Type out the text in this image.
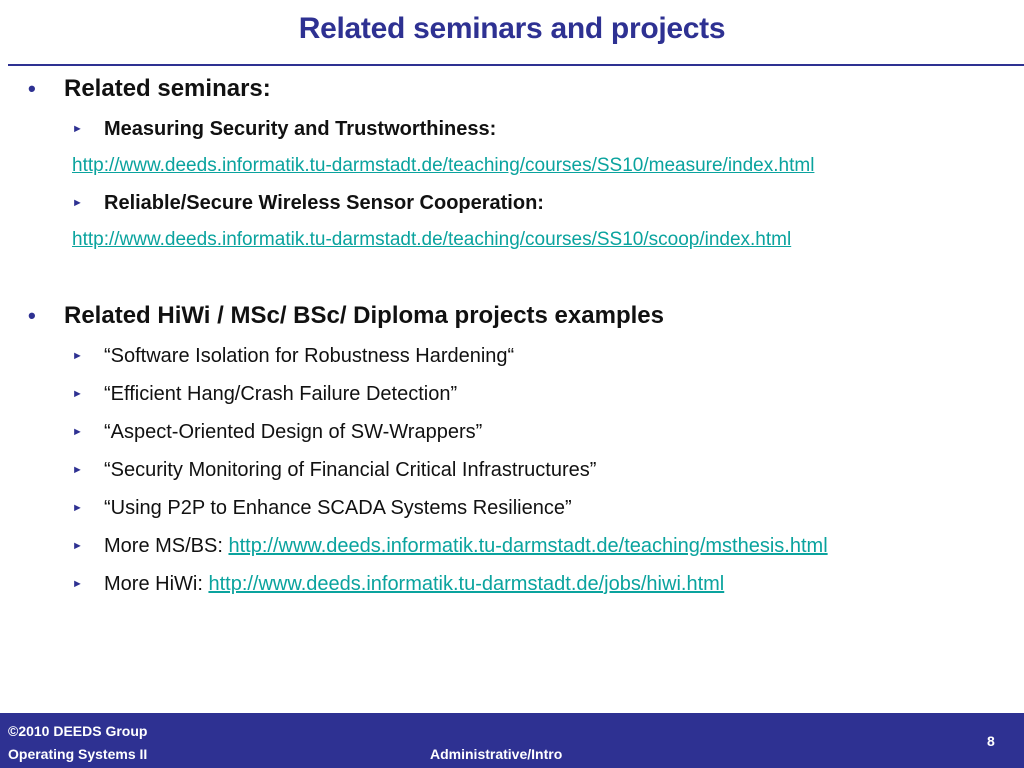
Related seminars and projects
• Related seminars:
► Measuring Security and Trustworthiness:
http://www.deeds.informatik.tu-darmstadt.de/teaching/courses/SS10/measure/index.html
► Reliable/Secure Wireless Sensor Cooperation:
http://www.deeds.informatik.tu-darmstadt.de/teaching/courses/SS10/scoop/index.html
• Related HiWi / MSc/ BSc/ Diploma projects examples
► “Software Isolation for Robustness Hardening“
► “Efficient Hang/Crash Failure Detection”
► “Aspect-Oriented Design of SW-Wrappers”
► “Security Monitoring of Financial Critical Infrastructures”
► “Using P2P to Enhance SCADA Systems Resilience”
► More MS/BS: http://www.deeds.informatik.tu-darmstadt.de/teaching/msthesis.html
► More HiWi: http://www.deeds.informatik.tu-darmstadt.de/jobs/hiwi.html
©2010 DEEDS Group
Operating Systems II	Administrative/Intro
8
